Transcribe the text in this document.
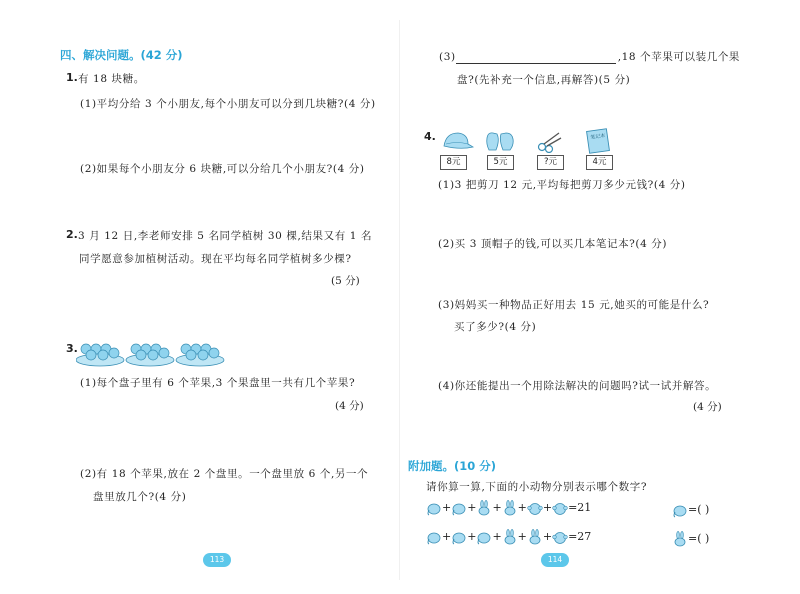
四、解决问题。(42 分)
1. 有 18 块糖。
(1)平均分给 3 个小朋友,每个小朋友可以分到几块糖?(4 分)
(2)如果每个小朋友分 6 块糖,可以分给几个小朋友?(4 分)
2. 3 月 12 日,李老师安排 5 名同学植树 30 棵,结果又有 1 名
同学愿意参加植树活动。现在平均每名同学植树多少棵?
(5 分)
3.
(1)每个盘子里有 6 个苹果,3 个果盘里一共有几个苹果?
(4 分)
(2)有 18 个苹果,放在 2 个盘里。一个盘里放 6 个,另一个
盘里放几个?(4 分)
113
(3)	,18 个苹果可以装几个果
盘?(先补充一个信息,再解答)(5 分)
4.	笔记本
8元	5元	?元	4元
(1)3 把剪刀 12 元,平均每把剪刀多少元钱?(4 分)
(2)买 3 顶帽子的钱,可以买几本笔记本?(4 分)
(3)妈妈买一种物品正好用去 15 元,她买的可能是什么?
买了多少?(4 分)
(4)你还能提出一个用除法解决的问题吗?试一试并解答。
(4 分)
附加题。(10 分)
请你算一算,下面的小动物分别表示哪个数字?
+ + + + + =21	=( )
+ + + + + =27	=( )
114
